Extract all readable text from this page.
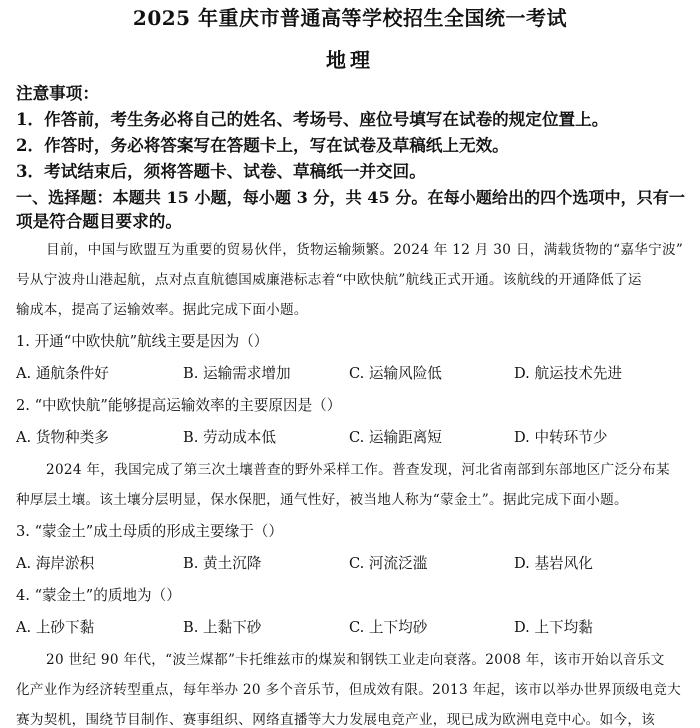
2025 年重庆市普通高等学校招生全国统一考试
地理
注意事项：
1．作答前，考生务必将自己的姓名、考场号、座位号填写在试卷的规定位置上。
2．作答时，务必将答案写在答题卡上，写在试卷及草稿纸上无效。
3．考试结束后，须将答题卡、试卷、草稿纸一并交回。
一、选择题：本题共 15 小题，每小题 3 分，共 45 分。在每小题给出的四个选项中，只有一
项是符合题目要求的。
目前，中国与欧盟互为重要的贸易伙伴，货物运输频繁。2024 年 12 月 30 日，满载货物的“嘉华宁波”
号从宁波舟山港起航，点对点直航德国威廉港标志着“中欧快航”航线正式开通。该航线的开通降低了运
输成本，提高了运输效率。据此完成下面小题。
1. 开通“中欧快航”航线主要是因为（）
A. 通航条件好	B. 运输需求增加	C. 运输风险低	D. 航运技术先进
2. “中欧快航”能够提高运输效率的主要原因是（）
A. 货物种类多	B. 劳动成本低	C. 运输距离短	D. 中转环节少
2024 年，我国完成了第三次土壤普查的野外采样工作。普查发现，河北省南部到东部地区广泛分布某
种厚层土壤。该土壤分层明显，保水保肥，通气性好，被当地人称为“蒙金土”。据此完成下面小题。
3. “蒙金土”成土母质的形成主要缘于（）
A. 海岸淤积	B. 黄土沉降	C. 河流泛滥	D. 基岩风化
4. “蒙金土”的质地为（）
A. 上砂下黏	B. 上黏下砂	C. 上下均砂	D. 上下均黏
20 世纪 90 年代，“波兰煤都”卡托维兹市的煤炭和钢铁工业走向衰落。2008 年，该市开始以音乐文
化产业作为经济转型重点，每年举办 20 多个音乐节，但成效有限。2013 年起，该市以举办世界顶级电竞大
赛为契机，围绕节目制作、赛事组织、网络直播等大力发展电竞产业，现已成为欧洲电竞中心。如今，该
